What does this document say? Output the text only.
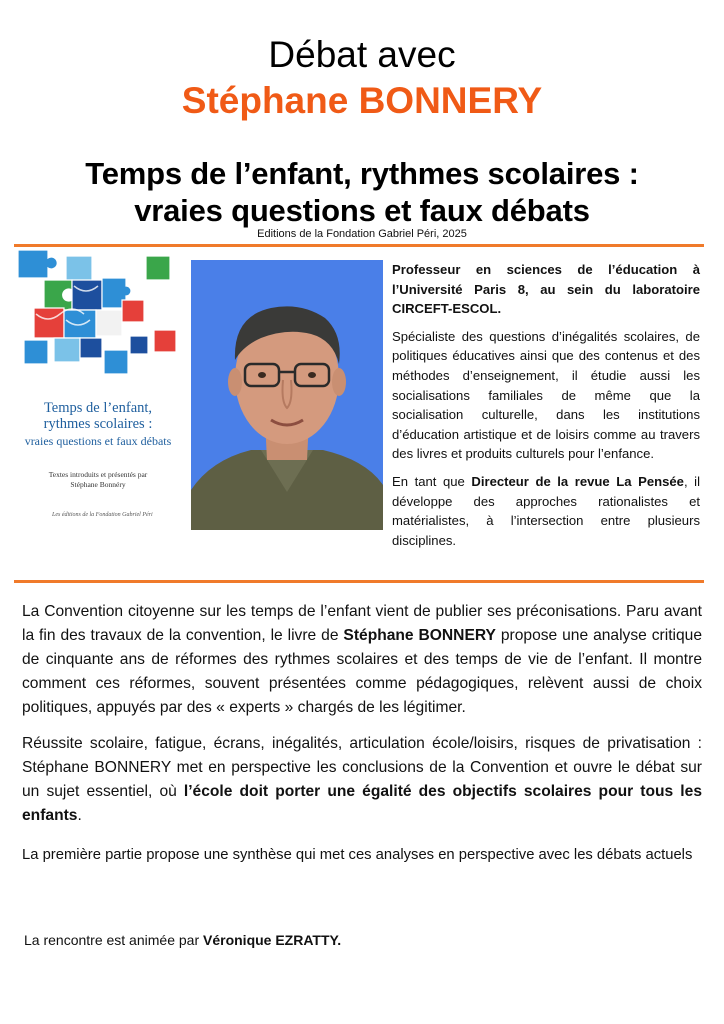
Débat avec
Stéphane BONNERY
Temps de l’enfant, rythmes scolaires :
vraies questions et faux débats
Editions de la Fondation Gabriel Péri, 2025
Temps de l’enfant,
rythmes scolaires :
vraies questions et faux débats
Textes introduits et présentés par
Stéphane Bonnéry
Les éditions de la Fondation Gabriel Péri

Professeur en sciences de l’éducation à l’Université Paris 8, au sein du laboratoire CIRCEFT-ESCOL.

Spécialiste des questions d’inégalités scolaires, de politiques éducatives ainsi que des contenus et des méthodes d’enseignement, il étudie aussi les socialisations familiales de même que la socialisation culturelle, dans les institutions d’éducation artistique et de loisirs comme au travers des livres et produits culturels pour l’enfance.

En tant que Directeur de la revue La Pensée, il développe des approches rationalistes et matérialistes, à l’intersection entre plusieurs disciplines.

La Convention citoyenne sur les temps de l’enfant vient de publier ses préconisations. Paru avant la fin des travaux de la convention, le livre de Stéphane BONNERY propose une analyse critique de cinquante ans de réformes des rythmes scolaires et des temps de vie de l’enfant. Il montre comment ces réformes, souvent présentées comme pédagogiques, relèvent aussi de choix politiques, appuyés par des « experts » chargés de les légitimer.

Réussite scolaire, fatigue, écrans, inégalités, articulation école/loisirs, risques de privatisation : Stéphane BONNERY met en perspective les conclusions de la Convention et ouvre le débat sur un sujet essentiel, où l’école doit porter une égalité des objectifs scolaires pour tous les enfants.

La première partie propose une synthèse qui met ces analyses en perspective avec les débats actuels

La rencontre est animée par Véronique EZRATTY.
